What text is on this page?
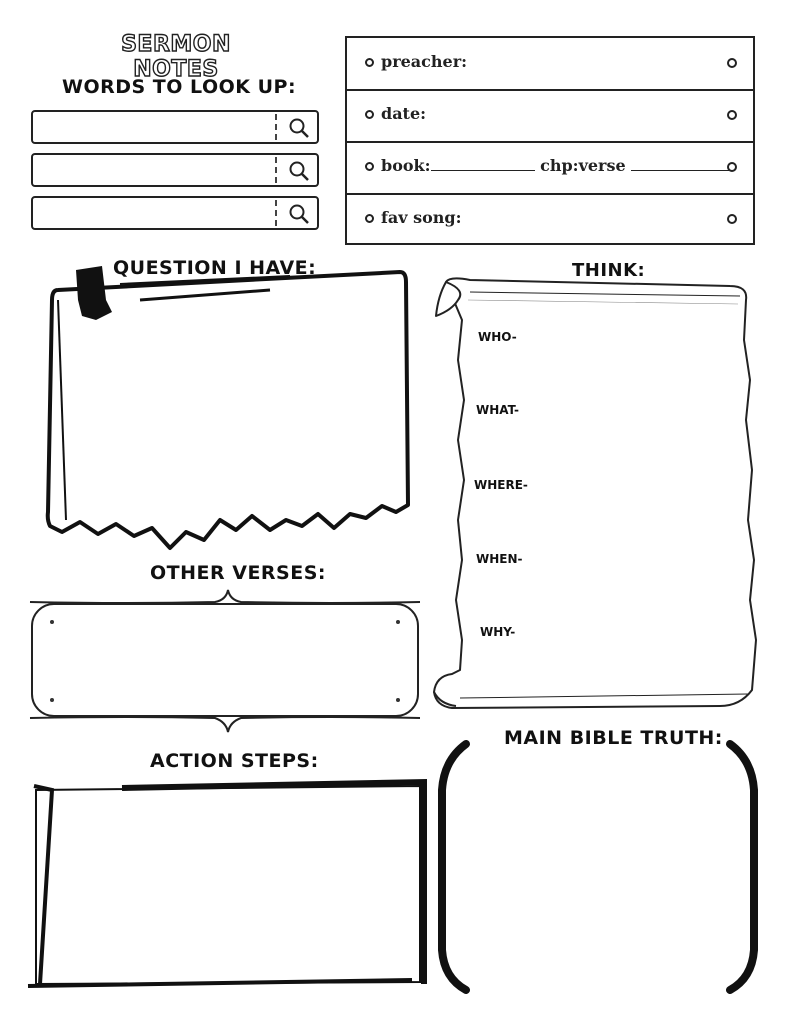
SERMON NOTES
WORDS TO LOOK UP:
preacher:
date:
book:	chp:verse
fav song:
QUESTION I HAVE:	THINK:
WHO-
WHAT-
WHERE-
WHEN-
WHY-
OTHER VERSES:
ACTION STEPS:
MAIN BIBLE TRUTH:
